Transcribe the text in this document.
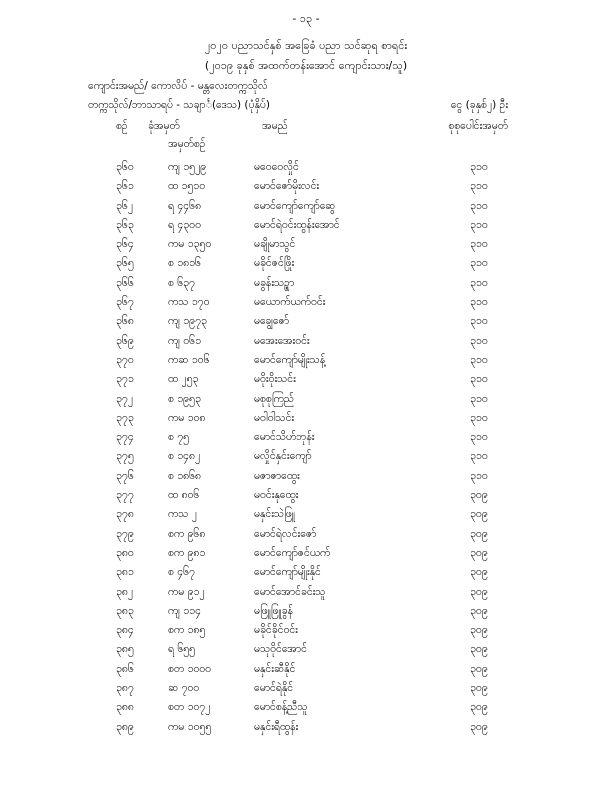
- ၁၃ -
၂၀၂၀ ပညာသင်နှစ် အခြေခံ ပညာ သင်ဆုရ စာရင်း
(၂၀၁၉ ခုနှစ် အထက်တန်းအောင် ကျောင်းသား/သူ)
ကျောင်းအမည်/ ကောလိပ် - မန္တလေးတက္ကသိုလ်
တက္ကသိုလ်/ဘာသာရပ် - သချာင်္(ဒေသ) (ပုံနှိပ်)	ငွေ (ခုနှစ်၂) ဦး
စဉ် ခုံအမှတ်
အမှတ်စဉ်
အမည်	စုစုပေါင်းအမှတ်
၃၆၀	ကျ ၁၅၂၉	မဝေဝေလှိုင်	၃၁၀
၃၆၁	ထ ၁၅၁၀	မောင်ဇော်မိုးလင်း	၃၁၀
၃၆၂	ရ ၄၄၆၈	မောင်ကျော်ကျော်ဆွေ	၃၁၀
၃၆၃	ရ ၄၃၀၀	မောင်ရဲဝင်းထွန်းအောင်	၃၁၀
၃၆၄	ကမ ၁၃၅၀	မချိုမာသွင်	၃၁၀
၃၆၅	စ ၁၈၁၆	မခိုင်ဇင်ဖြိုး	၃၁၀
၃၆၆	စ ၆၃၇	မခွန်းသဉ္စာ	၃၁၀
၃၆၇	ကသ ၁၇၀	မယောက်ယက်ဝင်း	၃၁၀
၃၆၈	ကျ ၁၉၇၃	မချွေဇော်	၃၁၀
၃၆၉	ကျ ၀၆၁	မအေးအေးဝင်း	၃၁၀
၃၇၀	ကဆ ၁၀၆	မောင်ကျော်မျိုးသန့်	၃၁၀
၃၇၁	ထ ၂၅၃	မဝိုးဝိုးသင်း	၃၁၀
၃၇၂	စ ၁၉၅၃	မစုစုကြည်	၃၁၀
၃၇၃	ကမ ၁၀၈	မဝါဝါသင်း	၃၁၀
၃၇၄	စ ၇၅	မောင်သိဟ်ဘုန်း	၃၁၀
၃၇၅	စ ၁၄၈၂	မလှိုင်နှင်းကျော်	၃၁၀
၃၇၆	စ ၁၈၆၈	မဇာဇာထွေး	၃၁၀
၃၇၇	ထ ၈၀၆	မဝင်းနုထွေး	၃၀၉
၃၇၈	ကသ ၂	မနှင်းသဲဖြူ	၃၀၉
၃၇၉	စက ၉၆၈	မောင်ရဲလင်းဇော်	၃၀၉
၃၈၀	စက ၉၈၁	မောင်ကျော်ဇင်ယက်	၃၀၉
၃၈၁	စ ၄၆၇	မောင်ကျော်မျိုးနိုင်	၃၀၉
၃၈၂	ကမ ၉၁၂	မောင်အောင်ခင်းသူ	၃၀၉
၃၈၃	ကျ ၁၁၄	မဖြူဖြူခွန်	၃၀၉
၃၈၄	စက ၁၈၅	မခိုင်ခိုင်ဝင်း	၃၀၉
၃၈၅	ရ ၆၅၅	မသုဝိုင်အောင်	၃၀၉
၃၈၆	စတ ၁၀၀၀	မနှင်းဆီနိုင်	၃၀၉
၃၈၇	ဆ ၇၀၀	မောင်ရဲနိုင်	၃၀၉
၃၈၈	စတ ၁၀၇၂	မောင်စန့်ညီသူ	၃၀၉
၃၈၉	ကမ ၁၀၅၅	မနှင်းရီထွန်း	၃၀၉
